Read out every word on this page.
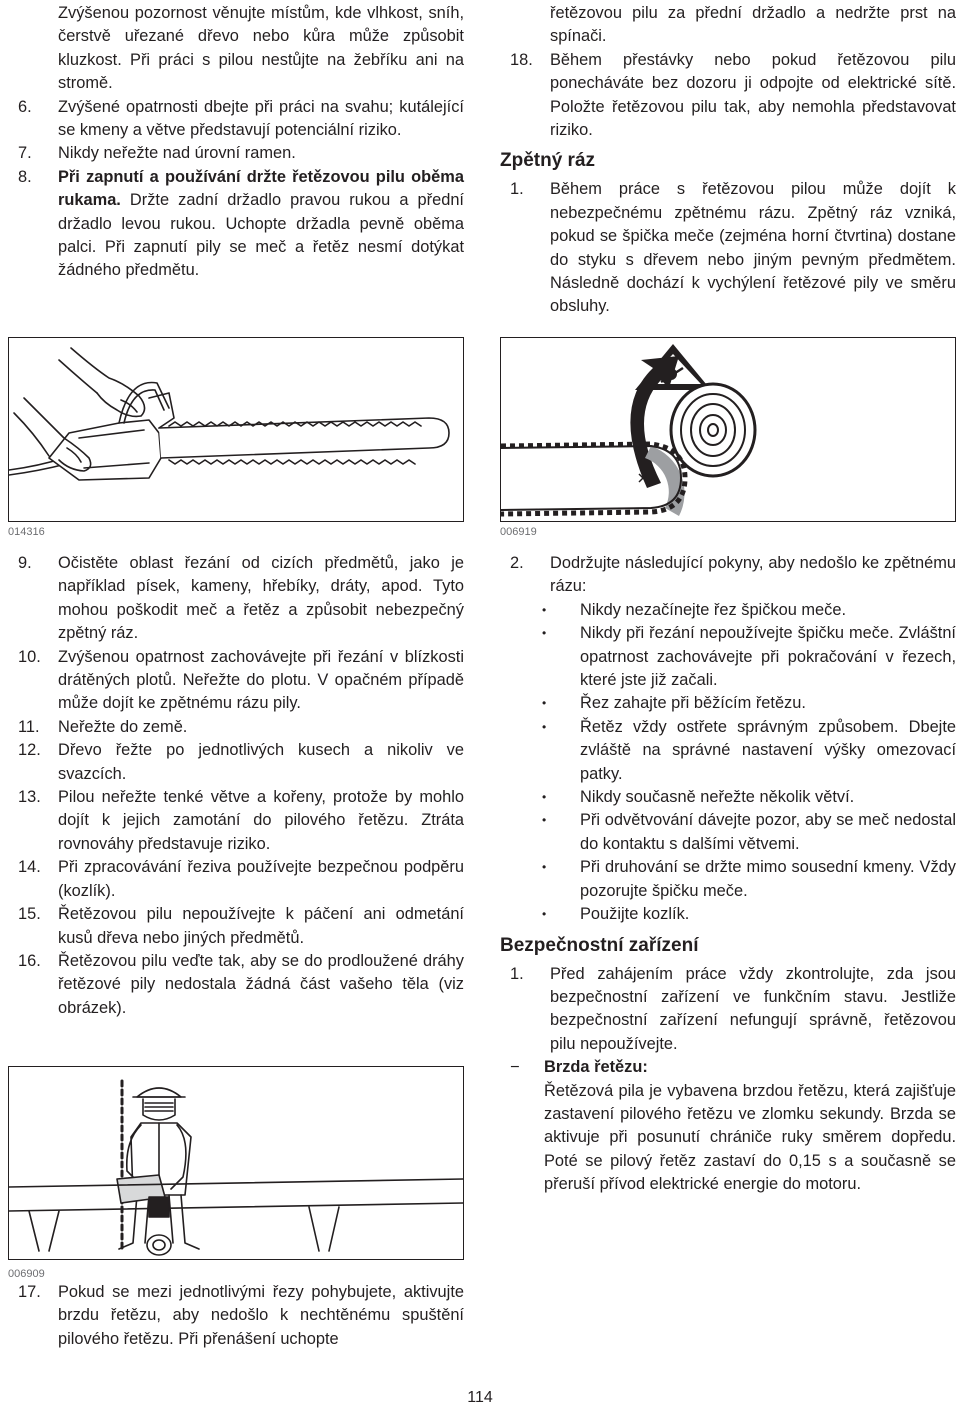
Zvýšenou pozornost věnujte místům, kde vlhkost, sníh, čerstvě uřezané dřevo nebo kůra může způsobit kluzkost. Při práci s pilou nestůjte na žebříku ani na stromě.
6. Zvýšené opatrnosti dbejte při práci na svahu; kutálející se kmeny a větve představují potenciální riziko.
7. Nikdy neřežte nad úrovní ramen.
8. Při zapnutí a používání držte řetězovou pilu oběma rukama. Držte zadní držadlo pravou rukou a přední držadlo levou rukou. Uchopte držadla pevně oběma palci. Při zapnutí pily se meč a řetěz nesmí dotýkat žádného předmětu.
řetězovou pilu za přední držadlo a nedržte prst na spínači.
18. Během přestávky nebo pokud řetězovou pilu ponecháváte bez dozoru ji odpojte od elektrické sítě. Položte řetězovou pilu tak, aby nemohla představovat riziko.
Zpětný ráz
1. Během práce s řetězovou pilou může dojít k nebezpečnému zpětnému rázu. Zpětný ráz vzniká, pokud se špička meče (zejména horní čtvrtina) dostane do styku s dřevem nebo jiným pevným předmětem. Následně dochází k vychýlení řetězové pily ve směru obsluhy.
014316	006919
9. Očistěte oblast řezání od cizích předmětů, jako je například písek, kameny, hřebíky, dráty, apod. Tyto mohou poškodit meč a řetěz a způsobit nebezpečný zpětný ráz.
10. Zvýšenou opatrnost zachovávejte při řezání v blízkosti drátěných plotů. Neřežte do plotu. V opačném případě může dojít ke zpětnému rázu pily.
11. Neřežte do země.
12. Dřevo řežte po jednotlivých kusech a nikoliv ve svazcích.
13. Pilou neřežte tenké větve a kořeny, protože by mohlo dojít k jejich zamotání do pilového řetězu. Ztráta rovnováhy představuje riziko.
14. Při zpracovávání řeziva používejte bezpečnou podpěru (kozlík).
15. Řetězovou pilu nepoužívejte k páčení ani odmetání kusů dřeva nebo jiných předmětů.
16. Řetězovou pilu veďte tak, aby se do prodloužené dráhy řetězové pily nedostala žádná část vašeho těla (viz obrázek).
006909
17. Pokud se mezi jednotlivými řezy pohybujete, aktivujte brzdu řetězu, aby nedošlo k nechtěnému spuštění pilového řetězu. Při přenášení uchopte
2. Dodržujte následující pokyny, aby nedošlo ke zpětnému rázu:
• Nikdy nezačínejte řez špičkou meče.
• Nikdy při řezání nepoužívejte špičku meče. Zvláštní opatrnost zachovávejte při pokračování v řezech, které jste již začali.
• Řez zahajte při běžícím řetězu.
• Řetěz vždy ostřete správným způsobem. Dbejte zvláště na správné nastavení výšky omezovací patky.
• Nikdy současně neřežte několik větví.
• Při odvětvování dávejte pozor, aby se meč nedostal do kontaktu s dalšími větvemi.
• Při druhování se držte mimo sousední kmeny. Vždy pozorujte špičku meče.
• Použijte kozlík.
Bezpečnostní zařízení
1. Před zahájením práce vždy zkontrolujte, zda jsou bezpečnostní zařízení ve funkčním stavu. Jestliže bezpečnostní zařízení nefungují správně, řetězovou pilu nepoužívejte.
− Brzda řetězu:
Řetězová pila je vybavena brzdou řetězu, která zajišťuje zastavení pilového řetězu ve zlomku sekundy. Brzda se aktivuje při posunutí chrániče ruky směrem dopředu. Poté se pilový řetěz zastaví do 0,15 s a současně se přeruší přívod elektrické energie do motoru.
114
